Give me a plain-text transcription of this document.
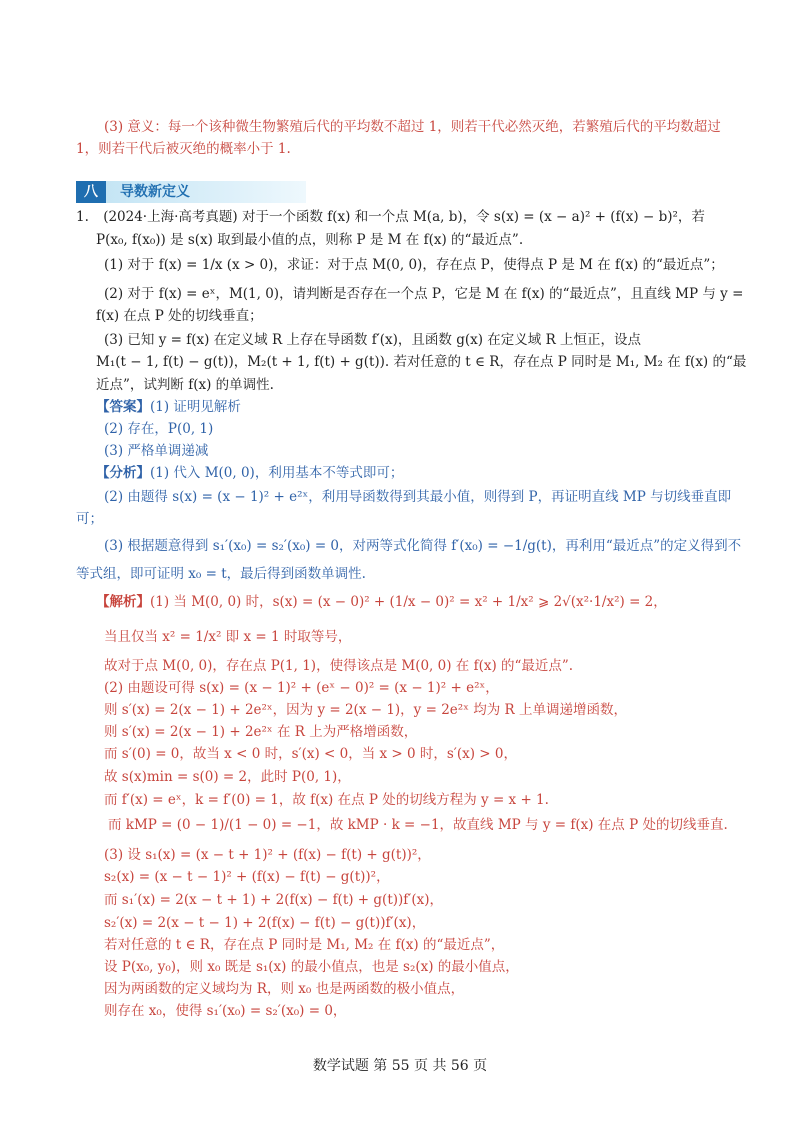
(3) 意义：每一个该种微生物繁殖后代的平均数不超过 1，则若干代必然灭绝，若繁殖后代的平均数超过
1，则若干代后被灭绝的概率小于 1.
八	导数新定义
1. (2024·上海·高考真题) 对于一个函数 f(x) 和一个点 M(a, b)，令 s(x) = (x − a)² + (f(x) − b)²，若
P(x₀, f(x₀)) 是 s(x) 取到最小值的点，则称 P 是 M 在 f(x) 的“最近点”.
(1) 对于 f(x) = 1/x (x > 0)，求证：对于点 M(0, 0)，存在点 P，使得点 P 是 M 在 f(x) 的“最近点”；
(2) 对于 f(x) = eˣ，M(1, 0)，请判断是否存在一个点 P，它是 M 在 f(x) 的“最近点”，且直线 MP 与 y =
f(x) 在点 P 处的切线垂直；
(3) 已知 y = f(x) 在定义域 R 上存在导函数 f′(x)，且函数 g(x) 在定义域 R 上恒正，设点
M₁(t − 1, f(t) − g(t))，M₂(t + 1, f(t) + g(t)). 若对任意的 t ∈ R，存在点 P 同时是 M₁, M₂ 在 f(x) 的“最
近点”，试判断 f(x) 的单调性.
【答案】(1) 证明见解析
(2) 存在，P(0, 1)
(3) 严格单调递减
【分析】(1) 代入 M(0, 0)，利用基本不等式即可；
(2) 由题得 s(x) = (x − 1)² + e²ˣ，利用导函数得到其最小值，则得到 P，再证明直线 MP 与切线垂直即
可；
(3) 根据题意得到 s₁′(x₀) = s₂′(x₀) = 0，对两等式化简得 f′(x₀) = −1/g(t)，再利用“最近点”的定义得到不
等式组，即可证明 x₀ = t，最后得到函数单调性.
【解析】(1) 当 M(0, 0) 时，s(x) = (x − 0)² + (1/x − 0)² = x² + 1/x² ⩾ 2√(x²·1/x²) = 2，
当且仅当 x² = 1/x² 即 x = 1 时取等号，
故对于点 M(0, 0)，存在点 P(1, 1)，使得该点是 M(0, 0) 在 f(x) 的“最近点”.
(2) 由题设可得 s(x) = (x − 1)² + (eˣ − 0)² = (x − 1)² + e²ˣ，
则 s′(x) = 2(x − 1) + 2e²ˣ，因为 y = 2(x − 1)，y = 2e²ˣ 均为 R 上单调递增函数，
则 s′(x) = 2(x − 1) + 2e²ˣ 在 R 上为严格增函数，
而 s′(0) = 0，故当 x < 0 时，s′(x) < 0，当 x > 0 时，s′(x) > 0，
故 s(x)min = s(0) = 2，此时 P(0, 1)，
而 f′(x) = eˣ，k = f′(0) = 1，故 f(x) 在点 P 处的切线方程为 y = x + 1.
而 kMP = (0 − 1)/(1 − 0) = −1，故 kMP · k = −1，故直线 MP 与 y = f(x) 在点 P 处的切线垂直.
(3) 设 s₁(x) = (x − t + 1)² + (f(x) − f(t) + g(t))²，
s₂(x) = (x − t − 1)² + (f(x) − f(t) − g(t))²，
而 s₁′(x) = 2(x − t + 1) + 2(f(x) − f(t) + g(t))f′(x)，
s₂′(x) = 2(x − t − 1) + 2(f(x) − f(t) − g(t))f′(x)，
若对任意的 t ∈ R，存在点 P 同时是 M₁, M₂ 在 f(x) 的“最近点”，
设 P(x₀, y₀)，则 x₀ 既是 s₁(x) 的最小值点，也是 s₂(x) 的最小值点，
因为两函数的定义域均为 R，则 x₀ 也是两函数的极小值点，
则存在 x₀，使得 s₁′(x₀) = s₂′(x₀) = 0，
数学试题 第 55 页 共 56 页
